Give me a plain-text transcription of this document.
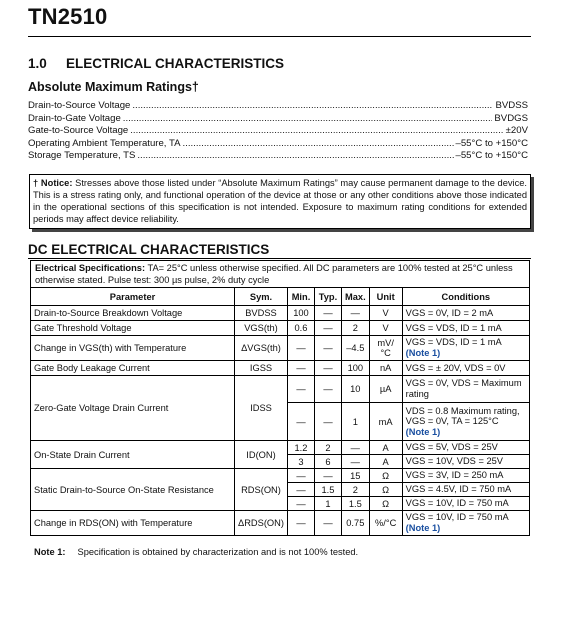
TN2510
1.0 ELECTRICAL CHARACTERISTICS
Absolute Maximum Ratings†
Drain-to-Source Voltage .....	BVDSS
Drain-to-Gate Voltage .....	BVDGS
Gate-to-Source Voltage .....	±20V
Operating Ambient Temperature, TA .....	–55°C to +150°C
Storage Temperature, TS .....	–55°C to +150°C
† Notice: Stresses above those listed under “Absolute Maximum Ratings” may cause permanent damage to the device. This is a stress rating only, and functional operation of the device at those or any other conditions above those indicated in the operational sections of this specification is not intended. Exposure to maximum rating conditions for extended periods may affect device reliability.
DC ELECTRICAL CHARACTERISTICS
Electrical Specifications: TA= 25°C unless otherwise specified. All DC parameters are 100% tested at 25°C unless otherwise stated. Pulse test: 300 µs pulse, 2% duty cycle
Parameter	Sym.	Min.	Typ.	Max.	Unit	Conditions
Drain-to-Source Breakdown Voltage	BVDSS	100	—	—	V	VGS = 0V, ID = 2 mA
Gate Threshold Voltage	VGS(th)	0.6	—	2	V	VGS = VDS, ID = 1 mA
Change in VGS(th) with Temperature	ΔVGS(th)	—	—	–4.5	mV/°C	VGS = VDS, ID = 1 mA
(Note 1)
Gate Body Leakage Current	IGSS	—	—	100	nA	VGS = ± 20V, VDS = 0V
Zero-Gate Voltage Drain Current	IDSS	—	—	10	µA	VGS = 0V, VDS = Maximum rating
		—	—	1	mA	VDS = 0.8 Maximum rating, VGS = 0V, TA = 125°C
(Note 1)
On-State Drain Current	ID(ON)	1.2	2	—	A	VGS = 5V, VDS = 25V
		3	6	—	A	VGS = 10V, VDS = 25V
Static Drain-to-Source On-State Resistance	RDS(ON)	—	—	15	Ω	VGS = 3V, ID = 250 mA
		—	1.5	2	Ω	VGS = 4.5V, ID = 750 mA
		—	1	1.5	Ω	VGS = 10V, ID = 750 mA
Change in RDS(ON) with Temperature	ΔRDS(ON)	—	—	0.75	%/°C	VGS = 10V, ID = 750 mA
(Note 1)
Note 1: Specification is obtained by characterization and is not 100% tested.
